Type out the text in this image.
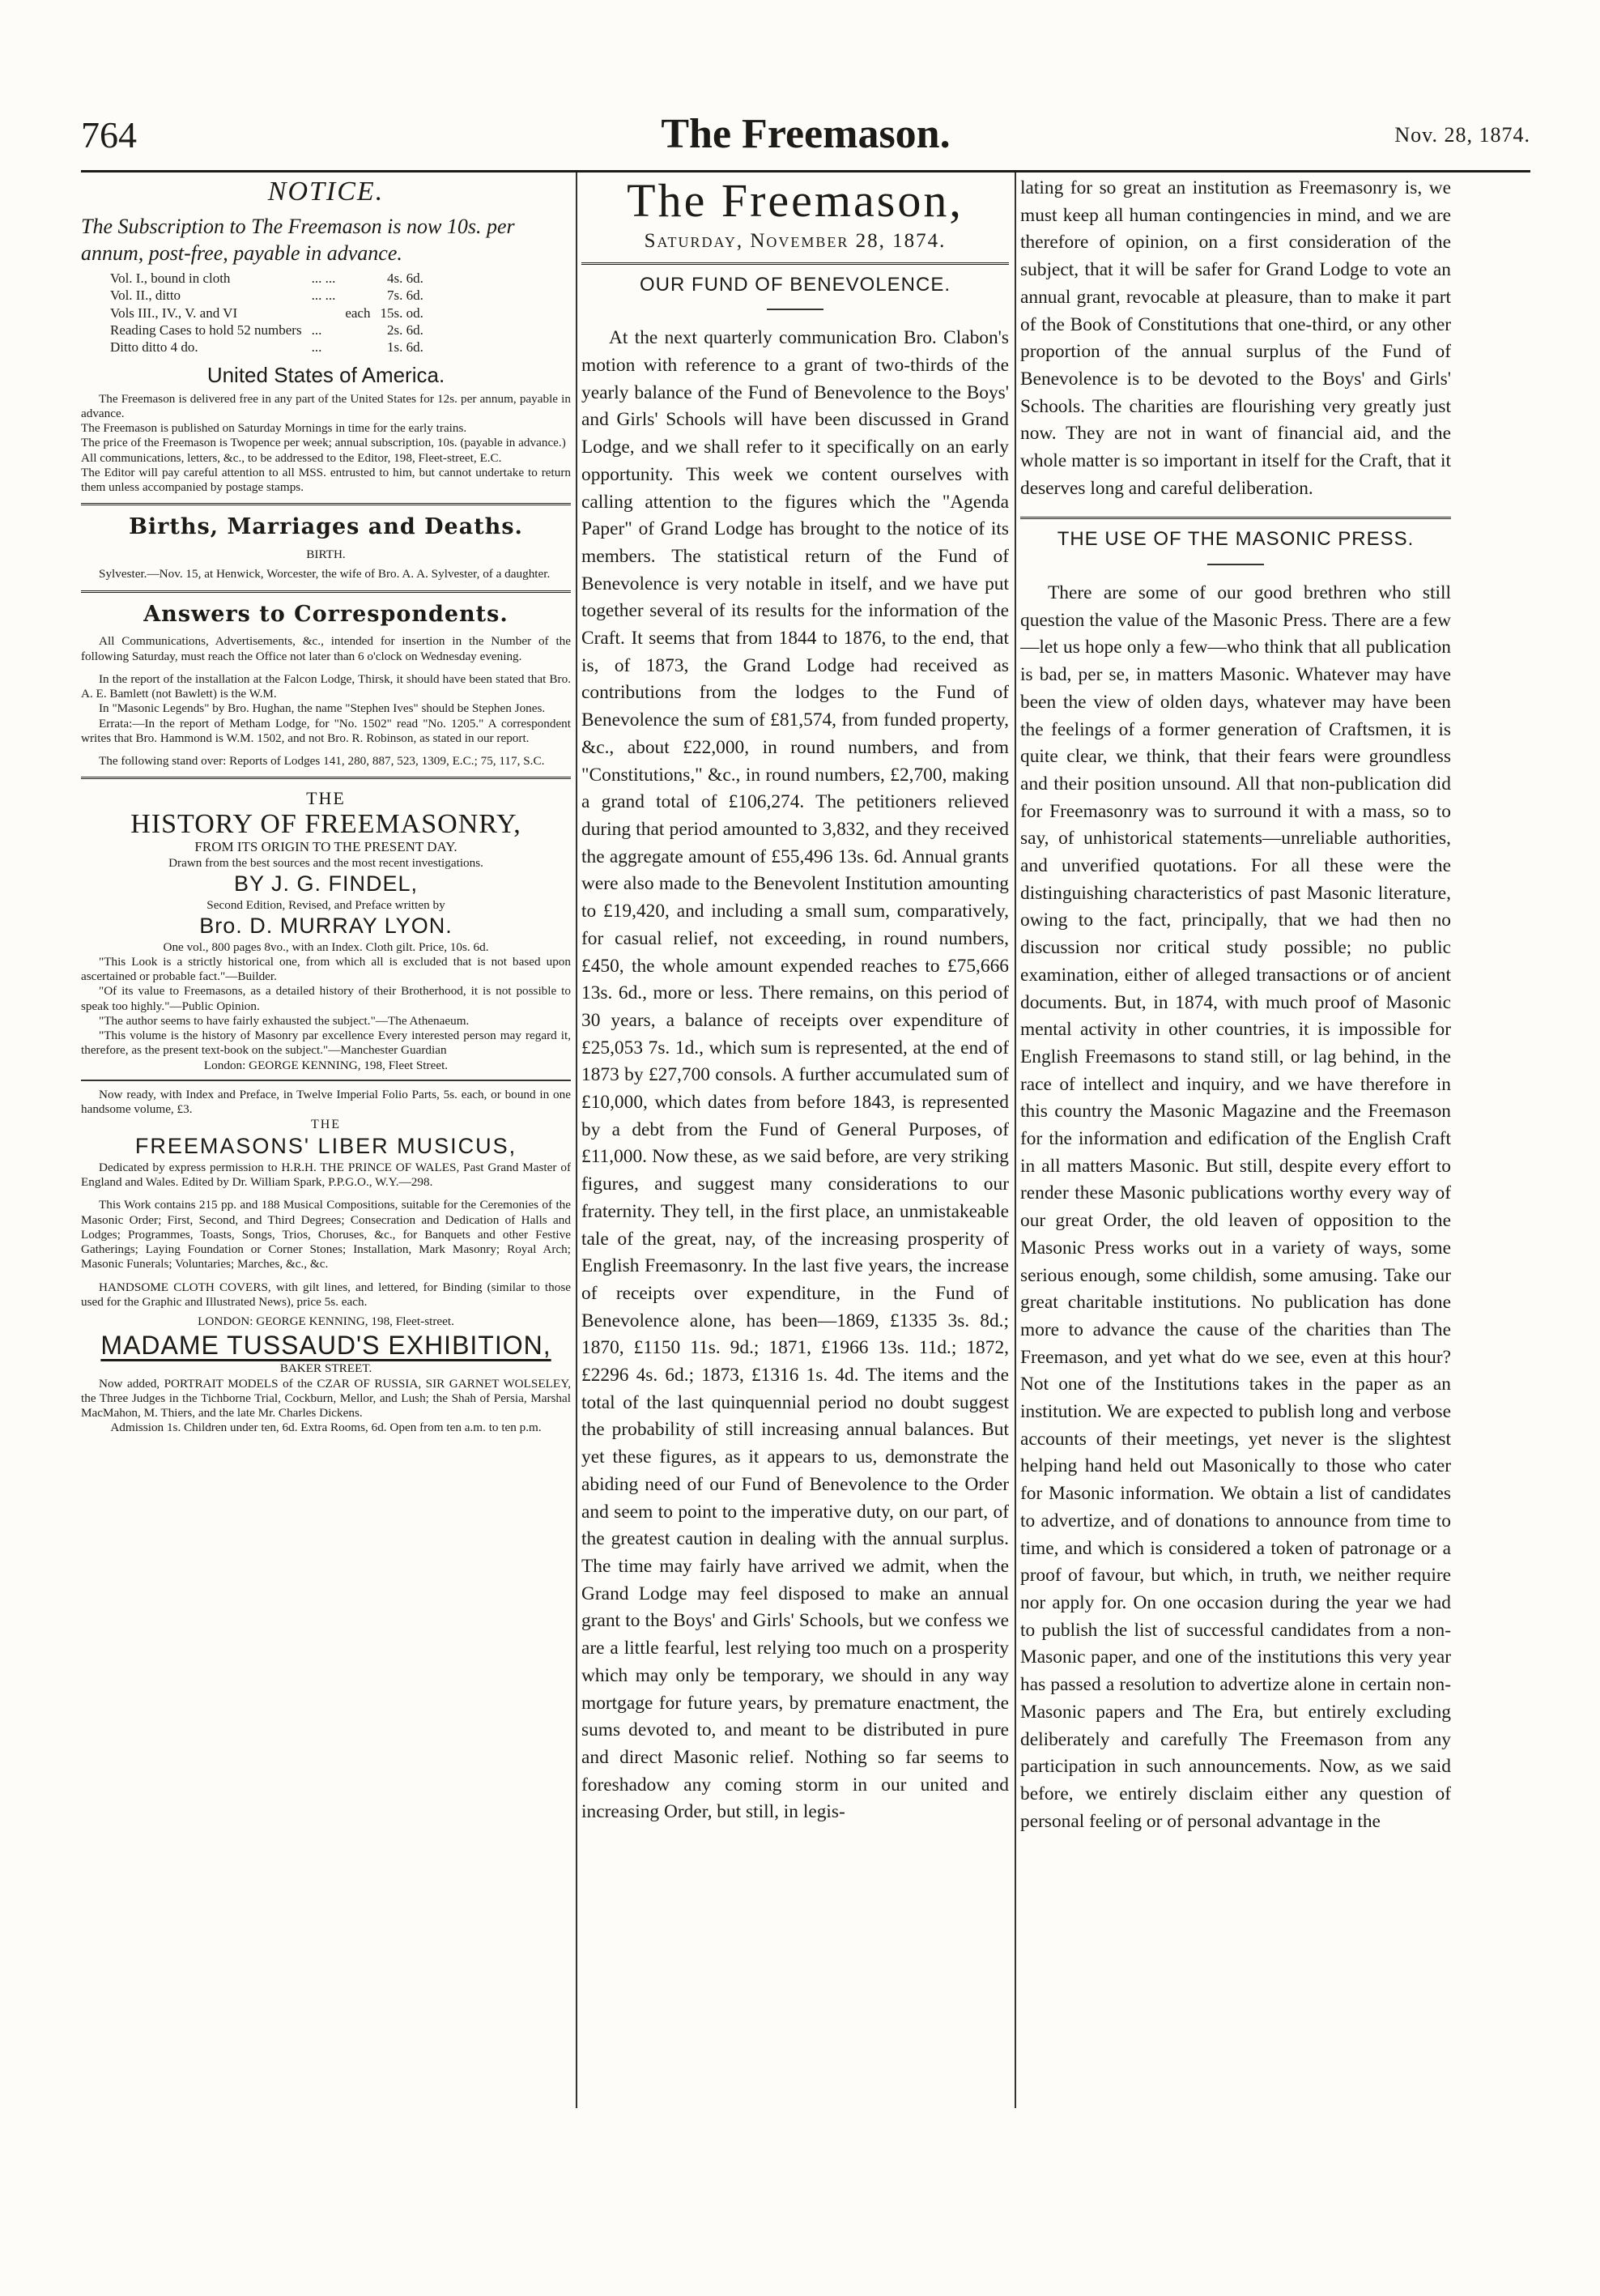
764	The Freemason.	Nov. 28, 1874.
NOTICE.

The Subscription to The Freemason is now 10s. per annum, post-free, payable in advance.

Vol. I., bound in cloth	... ...		4s. 6d.
Vol. II., ditto	... ...		7s. 6d.
Vols III., IV., V. and VI		each	15s. od.
Reading Cases to hold 52 numbers	...		2s. 6d.
Ditto ditto 4 do.	...		1s. 6d.
United States of America.

The Freemason is delivered free in any part of the United States for 12s. per annum, payable in advance.

The Freemason is published on Saturday Mornings in time for the early trains.

The price of the Freemason is Twopence per week; annual subscription, 10s. (payable in advance.)

All communications, letters, &c., to be addressed to the Editor, 198, Fleet-street, E.C.

The Editor will pay careful attention to all MSS. entrusted to him, but cannot undertake to return them unless accompanied by postage stamps.

Births, Marriages and Deaths.

BIRTH.

Sylvester.—Nov. 15, at Henwick, Worcester, the wife of Bro. A. A. Sylvester, of a daughter.

Answers to Correspondents.

All Communications, Advertisements, &c., intended for insertion in the Number of the following Saturday, must reach the Office not later than 6 o'clock on Wednesday evening.

In the report of the installation at the Falcon Lodge, Thirsk, it should have been stated that Bro. A. E. Bamlett (not Bawlett) is the W.M.

In "Masonic Legends" by Bro. Hughan, the name "Stephen Ives" should be Stephen Jones.

Errata:—In the report of Metham Lodge, for "No. 1502" read "No. 1205." A correspondent writes that Bro. Hammond is W.M. 1502, and not Bro. R. Robinson, as stated in our report.

The following stand over: Reports of Lodges 141, 280, 887, 523, 1309, E.C.; 75, 117, S.C.

THE

HISTORY OF FREEMASONRY,

FROM ITS ORIGIN TO THE PRESENT DAY.

Drawn from the best sources and the most recent investigations.

BY J. G. FINDEL,

Second Edition, Revised, and Preface written by

Bro. D. MURRAY LYON.

One vol., 800 pages 8vo., with an Index. Cloth gilt. Price, 10s. 6d.

"This Look is a strictly historical one, from which all is excluded that is not based upon ascertained or probable fact."—Builder.

"Of its value to Freemasons, as a detailed history of their Brotherhood, it is not possible to speak too highly."—Public Opinion.

"The author seems to have fairly exhausted the subject."—The Athenaeum.

"This volume is the history of Masonry par excellence Every interested person may regard it, therefore, as the present text-book on the subject."—Manchester Guardian

London: GEORGE KENNING, 198, Fleet Street.

Now ready, with Index and Preface, in Twelve Imperial Folio Parts, 5s. each, or bound in one handsome volume, £3.

THE

FREEMASONS' LIBER MUSICUS,

Dedicated by express permission to H.R.H. THE PRINCE OF WALES, Past Grand Master of England and Wales. Edited by Dr. William Spark, P.P.G.O., W.Y.—298.

This Work contains 215 pp. and 188 Musical Compositions, suitable for the Ceremonies of the Masonic Order; First, Second, and Third Degrees; Consecration and Dedication of Halls and Lodges; Programmes, Toasts, Songs, Trios, Choruses, &c., for Banquets and other Festive Gatherings; Laying Foundation or Corner Stones; Installation, Mark Masonry; Royal Arch; Masonic Funerals; Voluntaries; Marches, &c., &c.

HANDSOME CLOTH COVERS, with gilt lines, and lettered, for Binding (similar to those used for the Graphic and Illustrated News), price 5s. each.

LONDON: GEORGE KENNING, 198, Fleet-street.

MADAME TUSSAUD'S EXHIBITION,

BAKER STREET.

Now added, PORTRAIT MODELS of the CZAR OF RUSSIA, SIR GARNET WOLSELEY, the Three Judges in the Tichborne Trial, Cockburn, Mellor, and Lush; the Shah of Persia, Marshal MacMahon, M. Thiers, and the late Mr. Charles Dickens.

Admission 1s. Children under ten, 6d. Extra Rooms, 6d. Open from ten a.m. to ten p.m.

The Freemason,

Saturday, November 28, 1874.

OUR FUND OF BENEVOLENCE.

At the next quarterly communication Bro. Clabon's motion with reference to a grant of two-thirds of the yearly balance of the Fund of Benevolence to the Boys' and Girls' Schools will have been discussed in Grand Lodge, and we shall refer to it specifically on an early opportunity. This week we content ourselves with calling attention to the figures which the "Agenda Paper" of Grand Lodge has brought to the notice of its members. The statistical return of the Fund of Benevolence is very notable in itself, and we have put together several of its results for the information of the Craft. It seems that from 1844 to 1876, to the end, that is, of 1873, the Grand Lodge had received as contributions from the lodges to the Fund of Benevolence the sum of £81,574, from funded property, &c., about £22,000, in round numbers, and from "Constitutions," &c., in round numbers, £2,700, making a grand total of £106,274. The petitioners relieved during that period amounted to 3,832, and they received the aggregate amount of £55,496 13s. 6d. Annual grants were also made to the Benevolent Institution amounting to £19,420, and including a small sum, comparatively, for casual relief, not exceeding, in round numbers, £450, the whole amount expended reaches to £75,666 13s. 6d., more or less. There remains, on this period of 30 years, a balance of receipts over expenditure of £25,053 7s. 1d., which sum is represented, at the end of 1873 by £27,700 consols. A further accumulated sum of £10,000, which dates from before 1843, is represented by a debt from the Fund of General Purposes, of £11,000. Now these, as we said before, are very striking figures, and suggest many considerations to our fraternity. They tell, in the first place, an unmistakeable tale of the great, nay, of the increasing prosperity of English Freemasonry. In the last five years, the increase of receipts over expenditure, in the Fund of Benevolence alone, has been—1869, £1335 3s. 8d.; 1870, £1150 11s. 9d.; 1871, £1966 13s. 11d.; 1872, £2296 4s. 6d.; 1873, £1316 1s. 4d. The items and the total of the last quinquennial period no doubt suggest the probability of still increasing annual balances. But yet these figures, as it appears to us, demonstrate the abiding need of our Fund of Benevolence to the Order and seem to point to the imperative duty, on our part, of the greatest caution in dealing with the annual surplus. The time may fairly have arrived we admit, when the Grand Lodge may feel disposed to make an annual grant to the Boys' and Girls' Schools, but we confess we are a little fearful, lest relying too much on a prosperity which may only be temporary, we should in any way mortgage for future years, by premature enactment, the sums devoted to, and meant to be distributed in pure and direct Masonic relief. Nothing so far seems to foreshadow any coming storm in our united and increasing Order, but still, in legis-

lating for so great an institution as Freemasonry is, we must keep all human contingencies in mind, and we are therefore of opinion, on a first consideration of the subject, that it will be safer for Grand Lodge to vote an annual grant, revocable at pleasure, than to make it part of the Book of Constitutions that one-third, or any other proportion of the annual surplus of the Fund of Benevolence is to be devoted to the Boys' and Girls' Schools. The charities are flourishing very greatly just now. They are not in want of financial aid, and the whole matter is so important in itself for the Craft, that it deserves long and careful deliberation.

THE USE OF THE MASONIC PRESS.

There are some of our good brethren who still question the value of the Masonic Press. There are a few—let us hope only a few—who think that all publication is bad, per se, in matters Masonic. Whatever may have been the view of olden days, whatever may have been the feelings of a former generation of Craftsmen, it is quite clear, we think, that their fears were groundless and their position unsound. All that non-publication did for Freemasonry was to surround it with a mass, so to say, of unhistorical statements—unreliable authorities, and unverified quotations. For all these were the distinguishing characteristics of past Masonic literature, owing to the fact, principally, that we had then no discussion nor critical study possible; no public examination, either of alleged transactions or of ancient documents. But, in 1874, with much proof of Masonic mental activity in other countries, it is impossible for English Freemasons to stand still, or lag behind, in the race of intellect and inquiry, and we have therefore in this country the Masonic Magazine and the Freemason for the information and edification of the English Craft in all matters Masonic. But still, despite every effort to render these Masonic publications worthy every way of our great Order, the old leaven of opposition to the Masonic Press works out in a variety of ways, some serious enough, some childish, some amusing. Take our great charitable institutions. No publication has done more to advance the cause of the charities than The Freemason, and yet what do we see, even at this hour? Not one of the Institutions takes in the paper as an institution. We are expected to publish long and verbose accounts of their meetings, yet never is the slightest helping hand held out Masonically to those who cater for Masonic information. We obtain a list of candidates to advertize, and of donations to announce from time to time, and which is considered a token of patronage or a proof of favour, but which, in truth, we neither require nor apply for. On one occasion during the year we had to publish the list of successful candidates from a non-Masonic paper, and one of the institutions this very year has passed a resolution to advertize alone in certain non-Masonic papers and The Era, but entirely excluding deliberately and carefully The Freemason from any participation in such announcements. Now, as we said before, we entirely disclaim either any question of personal feeling or of personal advantage in the
